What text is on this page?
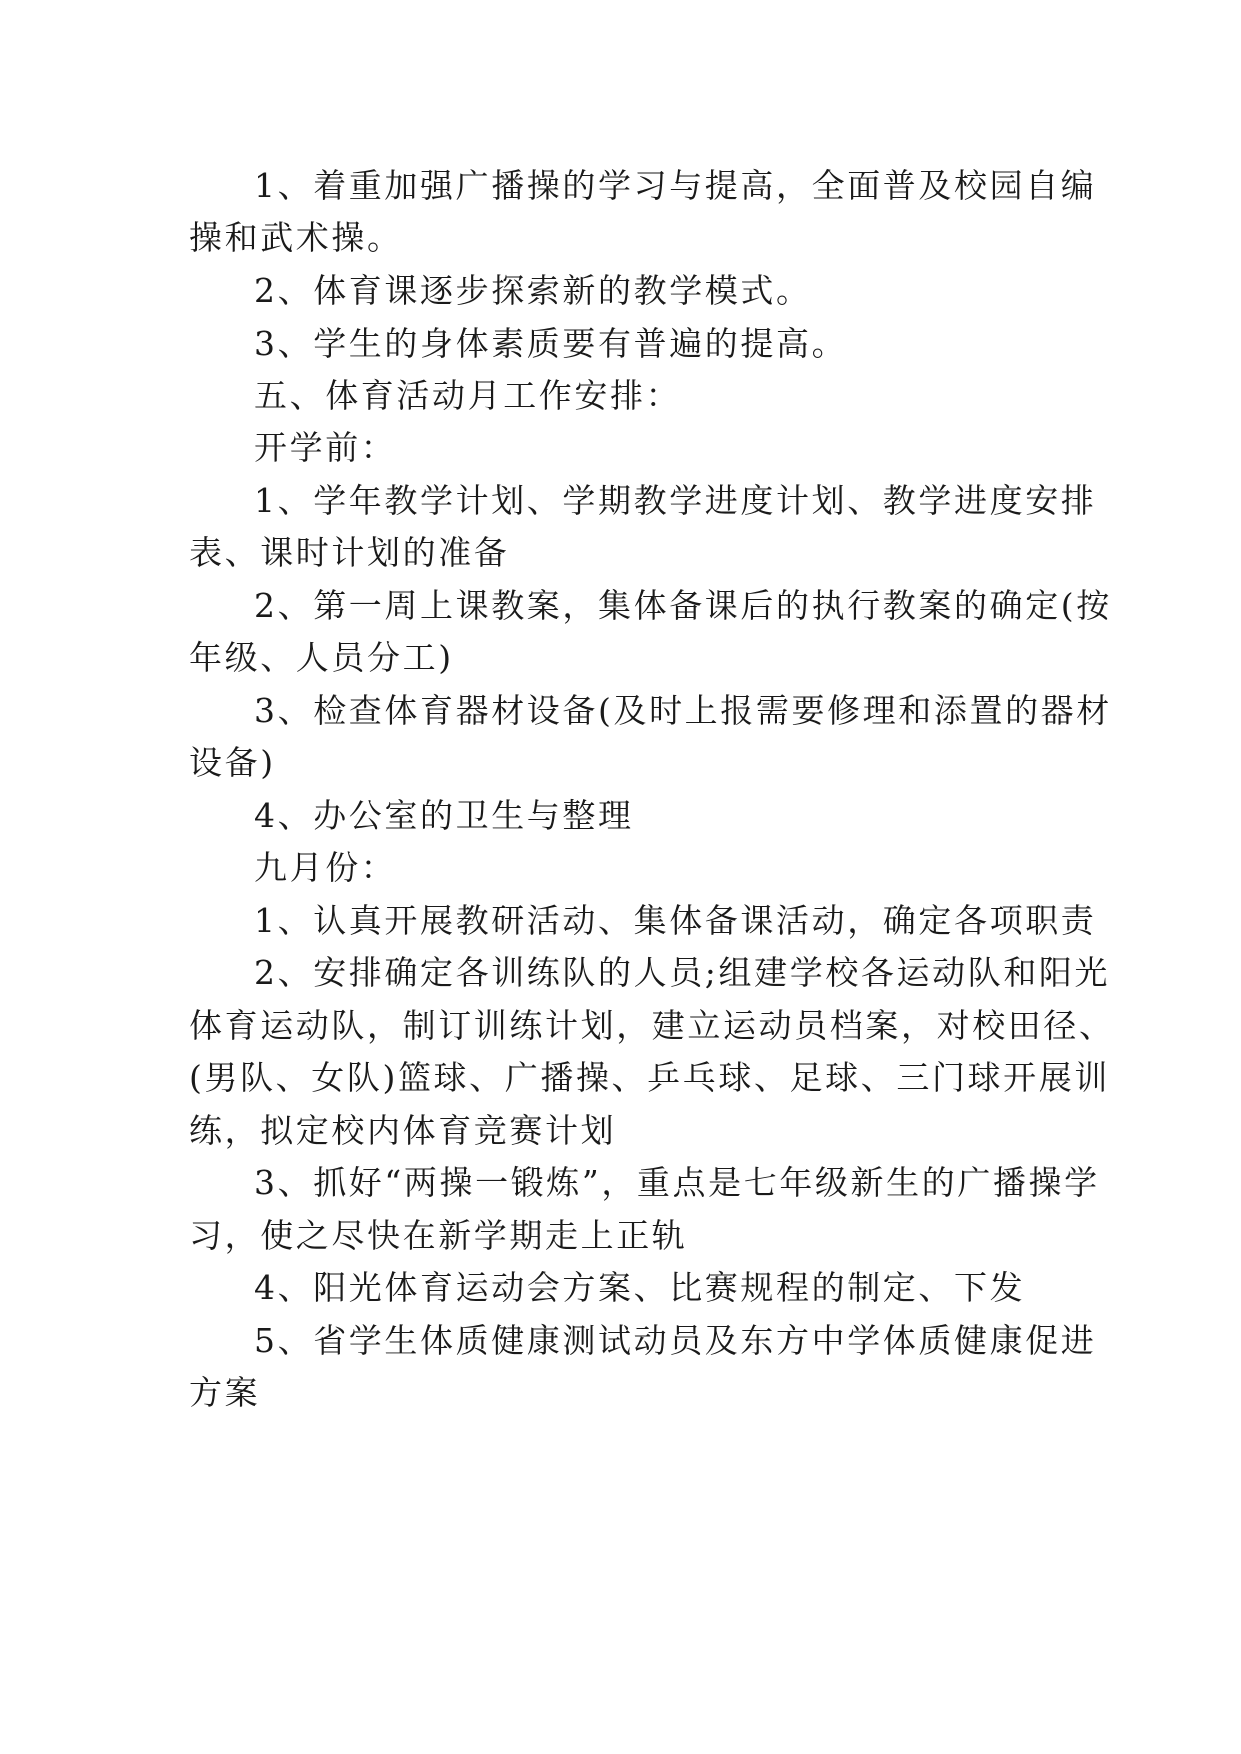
1、着重加强广播操的学习与提高，全面普及校园自编
操和武术操。
2、体育课逐步探索新的教学模式。
3、学生的身体素质要有普遍的提高。
五、体育活动月工作安排：
开学前：
1、学年教学计划、学期教学进度计划、教学进度安排
表、课时计划的准备
2、第一周上课教案，集体备课后的执行教案的确定(按
年级、人员分工)
3、检查体育器材设备(及时上报需要修理和添置的器材
设备)
4、办公室的卫生与整理
九月份：
1、认真开展教研活动、集体备课活动，确定各项职责
2、安排确定各训练队的人员;组建学校各运动队和阳光
体育运动队，制订训练计划，建立运动员档案，对校田径、
(男队、女队)篮球、广播操、乒乓球、足球、三门球开展训
练，拟定校内体育竞赛计划
3、抓好“两操一锻炼”，重点是七年级新生的广播操学
习，使之尽快在新学期走上正轨
4、阳光体育运动会方案、比赛规程的制定、下发
5、省学生体质健康测试动员及东方中学体质健康促进
方案
